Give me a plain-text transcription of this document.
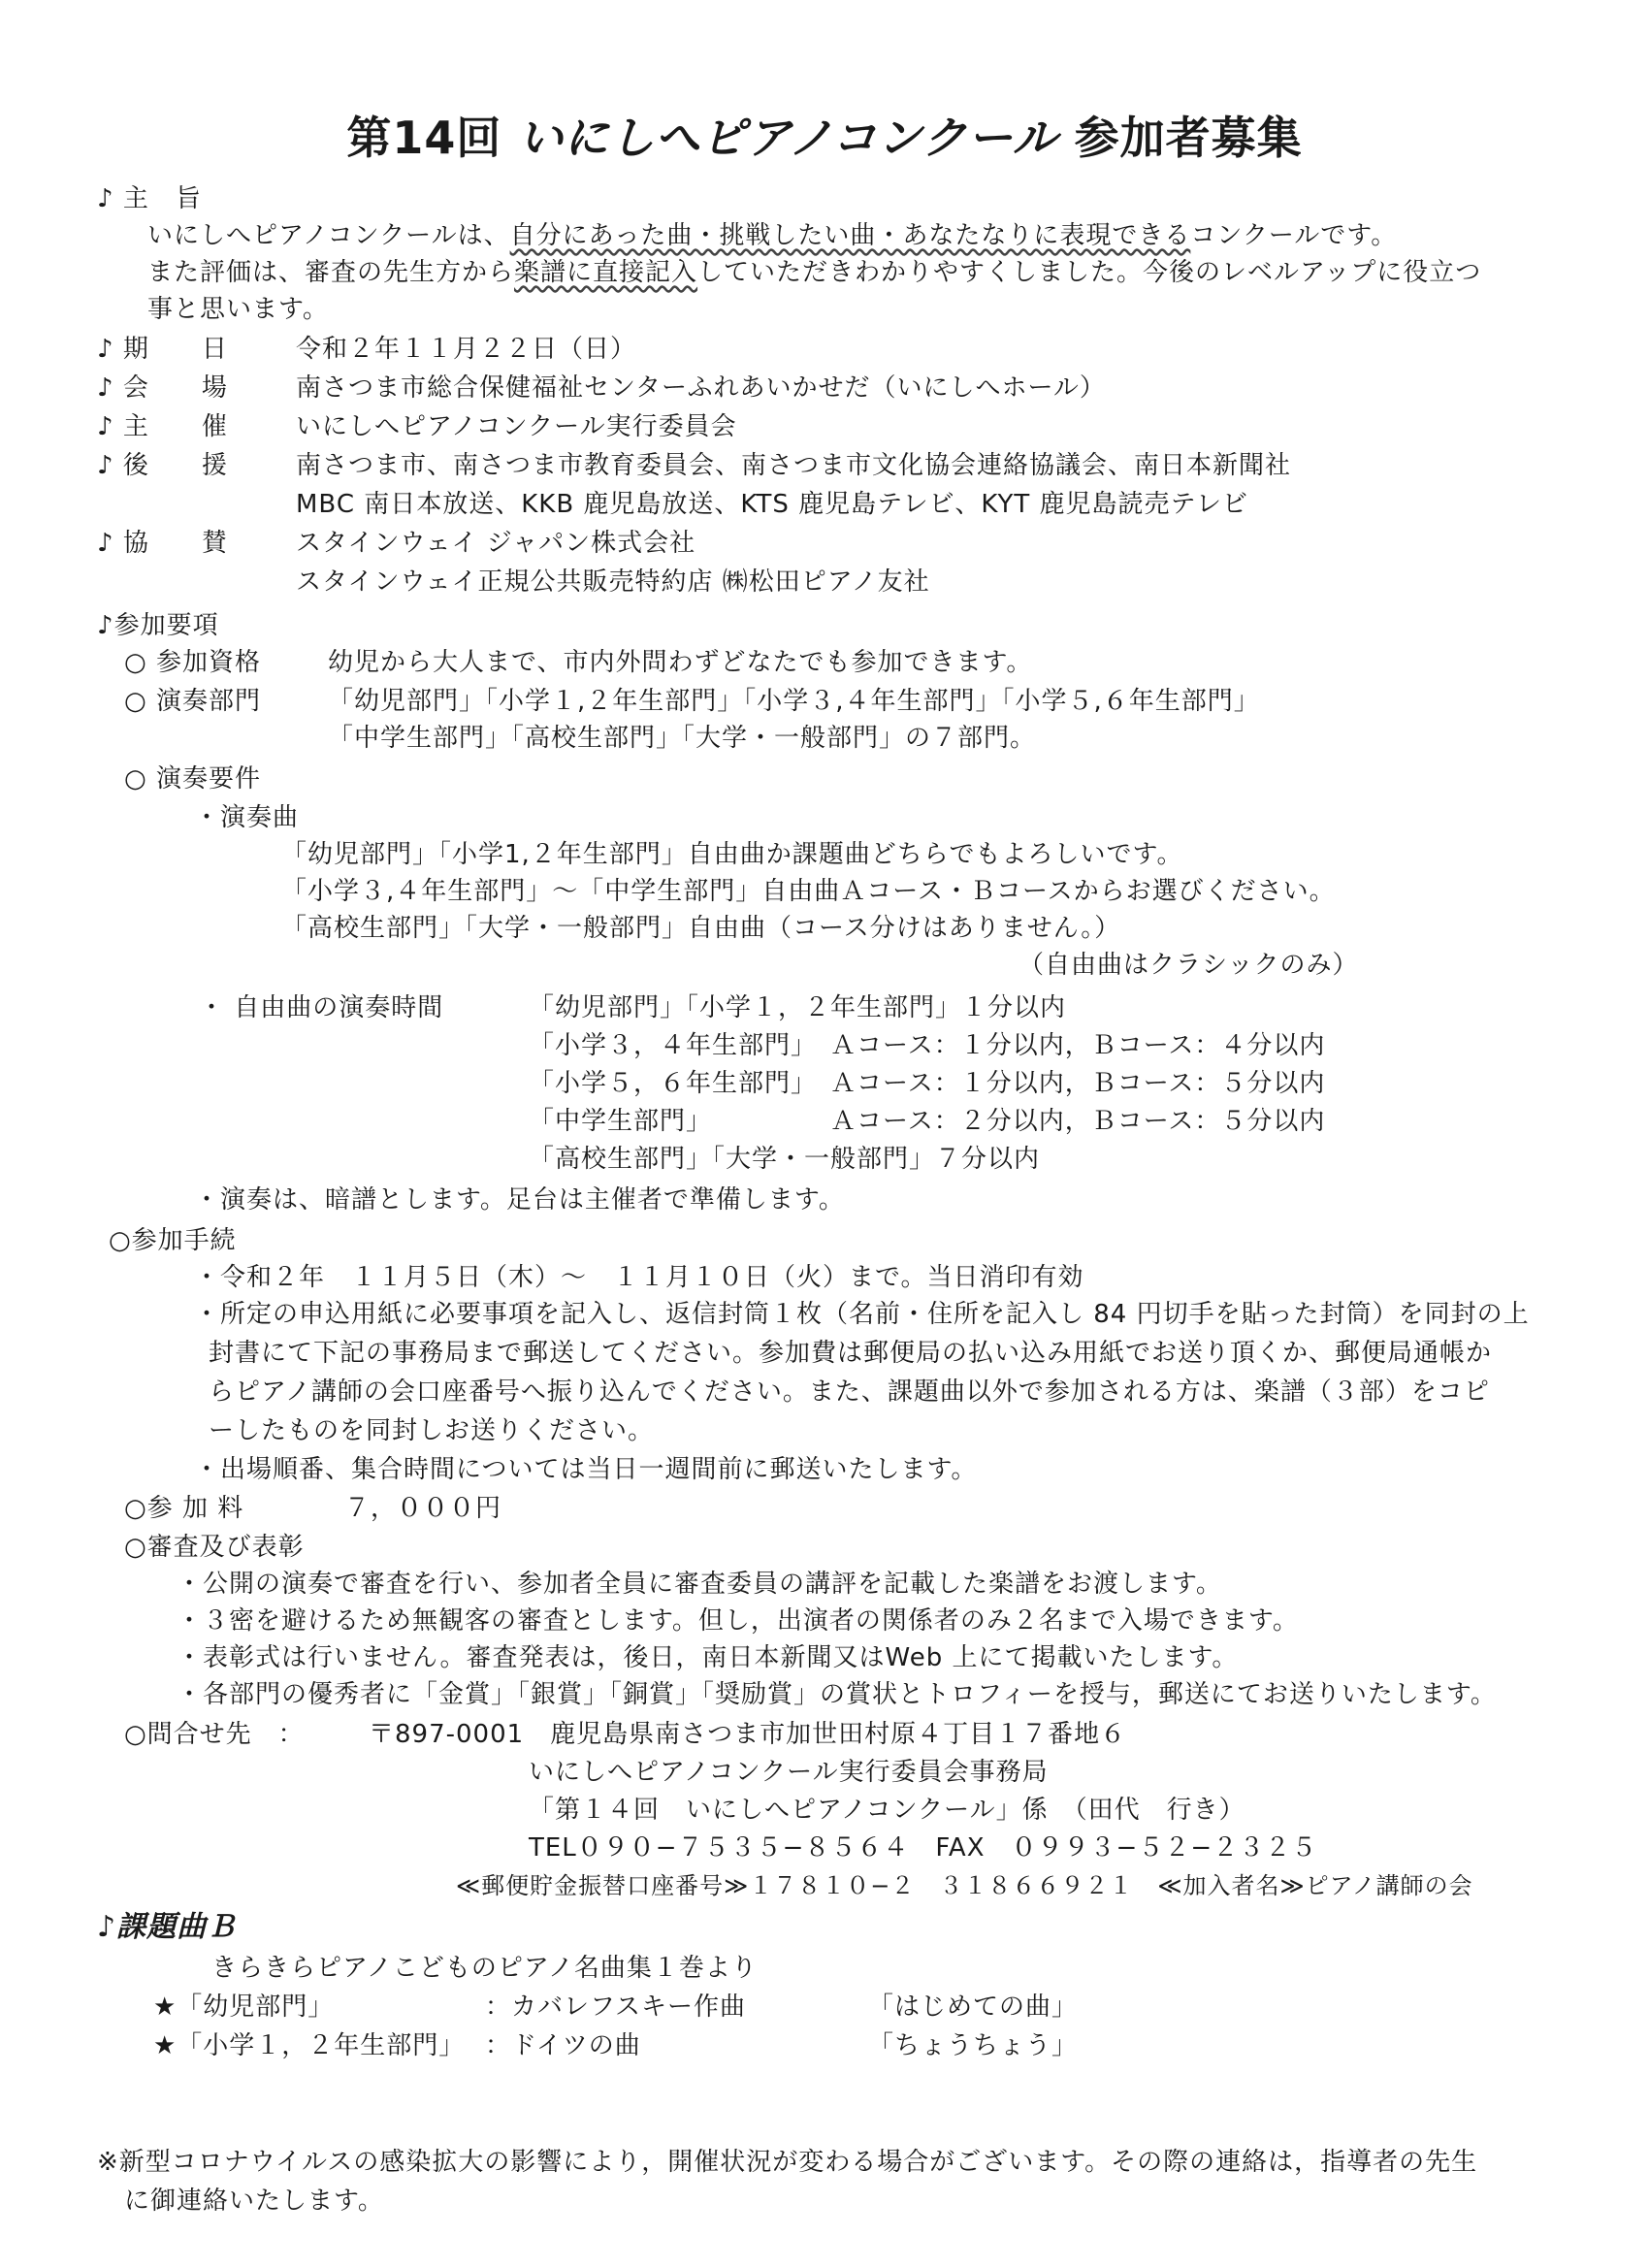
第14回 いにしへピアノコンクール 参加者募集
♪ 主　旨
いにしへピアノコンクールは、自分にあった曲・挑戦したい曲・あなたなりに表現できるコンクールです。
また評価は、審査の先生方から楽譜に直接記入していただきわかりやすくしました。今後のレベルアップに役立つ
事と思います。
♪ 期　　日	令和２年１１月２２日（日）
♪ 会　　場	南さつま市総合保健福祉センターふれあいかせだ（いにしへホール）
♪ 主　　催	いにしへピアノコンクール実行委員会
♪ 後　　援	南さつま市、南さつま市教育委員会、南さつま市文化協会連絡協議会、南日本新聞社
MBC 南日本放送、KKB 鹿児島放送、KTS 鹿児島テレビ、KYT 鹿児島読売テレビ
♪ 協　　賛	スタインウェイ ジャパン株式会社
スタインウェイ正規公共販売特約店 ㈱松田ピアノ友社
♪参加要項
○ 参加資格	幼児から大人まで、市内外問わずどなたでも参加できます。
○ 演奏部門	「幼児部門」「小学１,２年生部門」「小学３,４年生部門」「小学５,６年生部門」
「中学生部門」「高校生部門」「大学・一般部門」の７部門。
○ 演奏要件
・演奏曲
「幼児部門」「小学1,２年生部門」自由曲か課題曲どちらでもよろしいです。
「小学３,４年生部門」～「中学生部門」自由曲Ａコース・Ｂコースからお選びください。
「高校生部門」「大学・一般部門」自由曲（コース分けはありません。）
（自由曲はクラシックのみ）
・ 自由曲の演奏時間	「幼児部門」「小学１，２年生部門」１分以内
「小学３，４年生部門」　Ａコース：１分以内，Ｂコース：４分以内
「小学５，６年生部門」　Ａコース：１分以内，Ｂコース：５分以内
「中学生部門」　　　　　Ａコース：２分以内，Ｂコース：５分以内
「高校生部門」「大学・一般部門」７分以内
・演奏は、暗譜とします。足台は主催者で準備します。
○参加手続
・令和２年　１１月５日（木）～　１１月１０日（火）まで。当日消印有効
・所定の申込用紙に必要事項を記入し、返信封筒１枚（名前・住所を記入し 84 円切手を貼った封筒）を同封の上
封書にて下記の事務局まで郵送してください。参加費は郵便局の払い込み用紙でお送り頂くか、郵便局通帳か
らピアノ講師の会口座番号へ振り込んでください。また、課題曲以外で参加される方は、楽譜（３部）をコピ
ーしたものを同封しお送りください。
・出場順番、集合時間については当日一週間前に郵送いたします。
○参 加 料	７，０００円
○審査及び表彰
・公開の演奏で審査を行い、参加者全員に審査委員の講評を記載した楽譜をお渡します。
・３密を避けるため無観客の審査とします。但し，出演者の関係者のみ２名まで入場できます。
・表彰式は行いません。審査発表は，後日，南日本新聞又はWeb 上にて掲載いたします。
・各部門の優秀者に「金賞」「銀賞」「銅賞」「奨励賞」の賞状とトロフィーを授与，郵送にてお送りいたします。
○問合せ先　：	〒897-0001　鹿児島県南さつま市加世田村原４丁目１７番地６
いにしへピアノコンクール実行委員会事務局
「第１４回　いにしへピアノコンクール」係　（田代　行き）
TEL０９０−７５３５−８５６４　FAX　０９９３−５２−２３２５
≪郵便貯金振替口座番号≫１７８１０−２　３１８６６９２１　≪加入者名≫ピアノ講師の会
♪課題曲Ｂ
きらきらピアノこどものピアノ名曲集１巻より
★「幼児部門」	：カバレフスキー作曲	「はじめての曲」
★「小学１，２年生部門」 ：ドイツの曲	「ちょうちょう」
※新型コロナウイルスの感染拡大の影響により，開催状況が変わる場合がございます。その際の連絡は，指導者の先生
に御連絡いたします。
